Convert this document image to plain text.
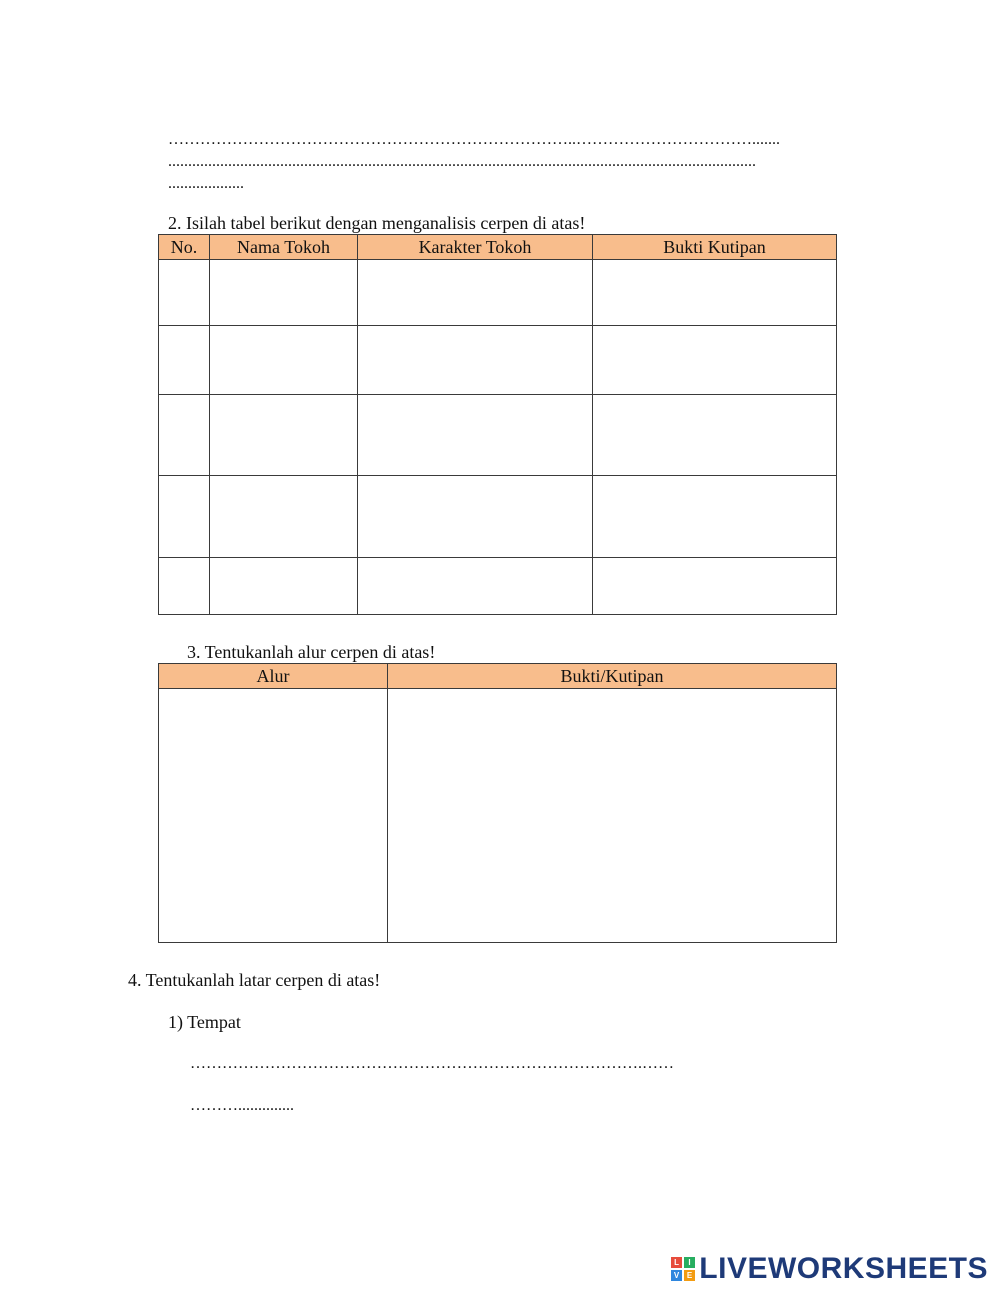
…………………………………………………………………..…………………………….......
...................................................................................................................................................
...................
2. Isilah tabel berikut dengan menganalisis cerpen di atas!
No.	Nama Tokoh	Karakter Tokoh	Bukti Kutipan

3. Tentukanlah alur cerpen di atas!
Alur	Bukti/Kutipan

4. Tentukanlah latar cerpen di atas!
1) Tempat
………………………………………………………………………….……
………..............
L	I
V E LIVEWORKSHEETS
